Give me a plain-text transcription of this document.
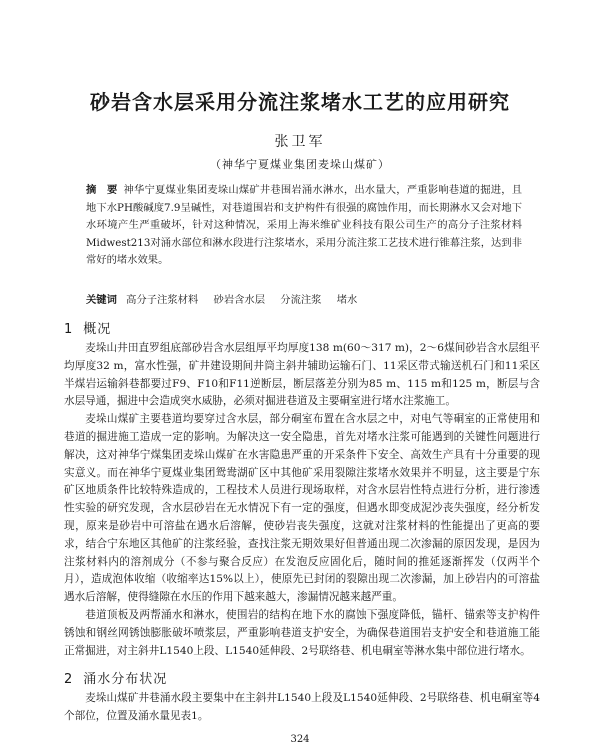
砂岩含水层采用分流注浆堵水工艺的应用研究
张卫军
（神华宁夏煤业集团麦垛山煤矿）
摘　要 神华宁夏煤业集团麦垛山煤矿井巷围岩涌水淋水，出水量大，严重影响巷道的掘进，且地下水PH酸碱度7.9呈碱性，对巷道围岩和支护构件有很强的腐蚀作用，而长期淋水又会对地下水环境产生严重破坏，针对这种情况，采用上海米维矿业科技有限公司生产的高分子注浆材料Midwest213对涌水部位和淋水段进行注浆堵水，采用分流注浆工艺技术进行锥幕注浆，达到非常好的堵水效果。
关键词 高分子注浆材料 砂岩含水层 分流注浆 堵水
1 概况

麦垛山井田直罗组底部砂岩含水层组厚平均厚度138 m(60～317 m)，2～6煤间砂岩含水层组平均厚度32 m，富水性强，矿井建设期间井筒主斜井辅助运输石门、11采区带式输送机石门和11采区半煤岩运输斜巷都要过F9、F10和F11逆断层，断层落差分别为85 m、115 m和125 m，断层与含水层导通，掘进中会造成突水威胁，必须对掘进巷道及主要硐室进行堵水注浆施工。

麦垛山煤矿主要巷道均要穿过含水层，部分硐室布置在含水层之中，对电气等硐室的正常使用和巷道的掘进施工造成一定的影响。为解决这一安全隐患，首先对堵水注浆可能遇到的关键性问题进行解决，这对神华宁煤集团麦垛山煤矿在水害隐患严重的开采条件下安全、高效生产具有十分重要的现实意义。而在神华宁夏煤业集团鸳鸯湖矿区中其他矿采用裂隙注浆堵水效果并不明显，这主要是宁东矿区地质条件比较特殊造成的，工程技术人员进行现场取样，对含水层岩性特点进行分析，进行渗透性实验的研究发现，含水层砂岩在无水情况下有一定的强度，但遇水即变成泥沙丧失强度，经分析发现，原来是砂岩中可溶盐在遇水后溶解，使砂岩丧失强度，这就对注浆材料的性能提出了更高的要求，结合宁东地区其他矿的注浆经验，查找注浆无期效果好但普通出现二次渗漏的原因发现，是因为注浆材料内的溶剂成分（不参与聚合反应）在发泡反应固化后，随时间的推延逐渐挥发（仅两半个月），造成泡体收缩（收缩率达15%以上），使原先已封闭的裂隙出现二次渗漏，加上砂岩内的可溶盐遇水后溶解，使得缝隙在水压的作用下越来越大，渗漏情况越来越严重。

巷道顶板及两帮涌水和淋水，使围岩的结构在地下水的腐蚀下强度降低，锚杆、锚索等支护构件锈蚀和钢丝网锈蚀膨胀破坏喷浆层，严重影响巷道支护安全，为确保巷道围岩支护安全和巷道施工能正常掘进，对主斜井L1540上段、L1540延伸段、2号联络巷、机电硐室等淋水集中部位进行堵水。

2 涌水分布状况

麦垛山煤矿井巷涌水段主要集中在主斜井L1540上段及L1540延伸段、2号联络巷、机电硐室等4个部位，位置及涌水量见表1。

324
